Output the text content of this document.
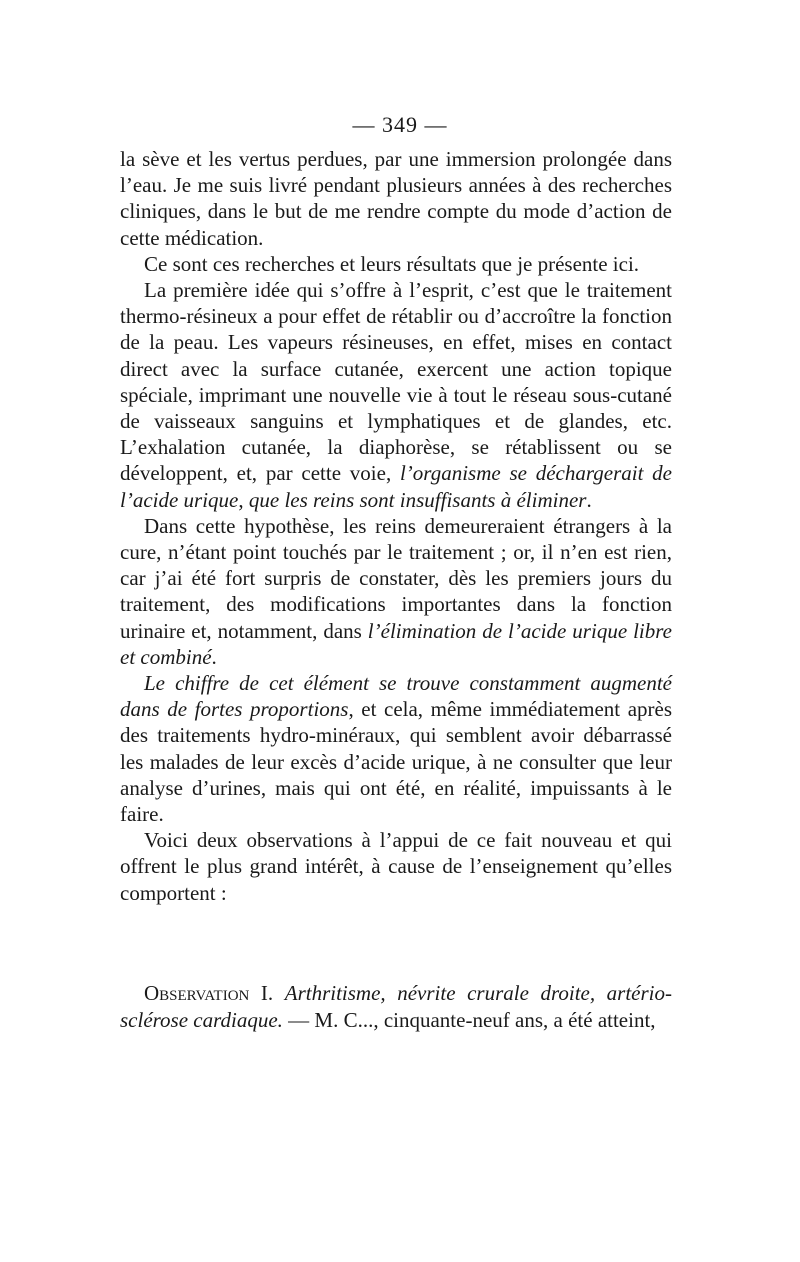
— 349 —

la sève et les vertus perdues, par une immersion prolongée dans l’eau. Je me suis livré pendant plusieurs années à des recherches cliniques, dans le but de me rendre compte du mode d’action de cette médication.

Ce sont ces recherches et leurs résultats que je présente ici.

La première idée qui s’offre à l’esprit, c’est que le traitement thermo-résineux a pour effet de rétablir ou d’accroître la fonction de la peau. Les vapeurs résineuses, en effet, mises en contact direct avec la surface cutanée, exercent une action topique spéciale, imprimant une nouvelle vie à tout le réseau sous-cutané de vaisseaux sanguins et lymphatiques et de glandes, etc. L’exhalation cutanée, la diaphorèse, se rétablissent ou se développent, et, par cette voie, l’organisme se déchargerait de l’acide urique, que les reins sont insuffisants à éliminer.

Dans cette hypothèse, les reins demeureraient étrangers à la cure, n’étant point touchés par le traitement ; or, il n’en est rien, car j’ai été fort surpris de constater, dès les premiers jours du traitement, des modifications importantes dans la fonction urinaire et, notamment, dans l’élimination de l’acide urique libre et combiné.

Le chiffre de cet élément se trouve constamment augmenté dans de fortes proportions, et cela, même immédiatement après des traitements hydro-minéraux, qui semblent avoir débarrassé les malades de leur excès d’acide urique, à ne consulter que leur analyse d’urines, mais qui ont été, en réalité, impuissants à le faire.

Voici deux observations à l’appui de ce fait nouveau et qui offrent le plus grand intérêt, à cause de l’enseignement qu’elles comportent :

Observation I. Arthritisme, névrite crurale droite, artério-sclérose cardiaque. — M. C..., cinquante-neuf ans, a été atteint,
